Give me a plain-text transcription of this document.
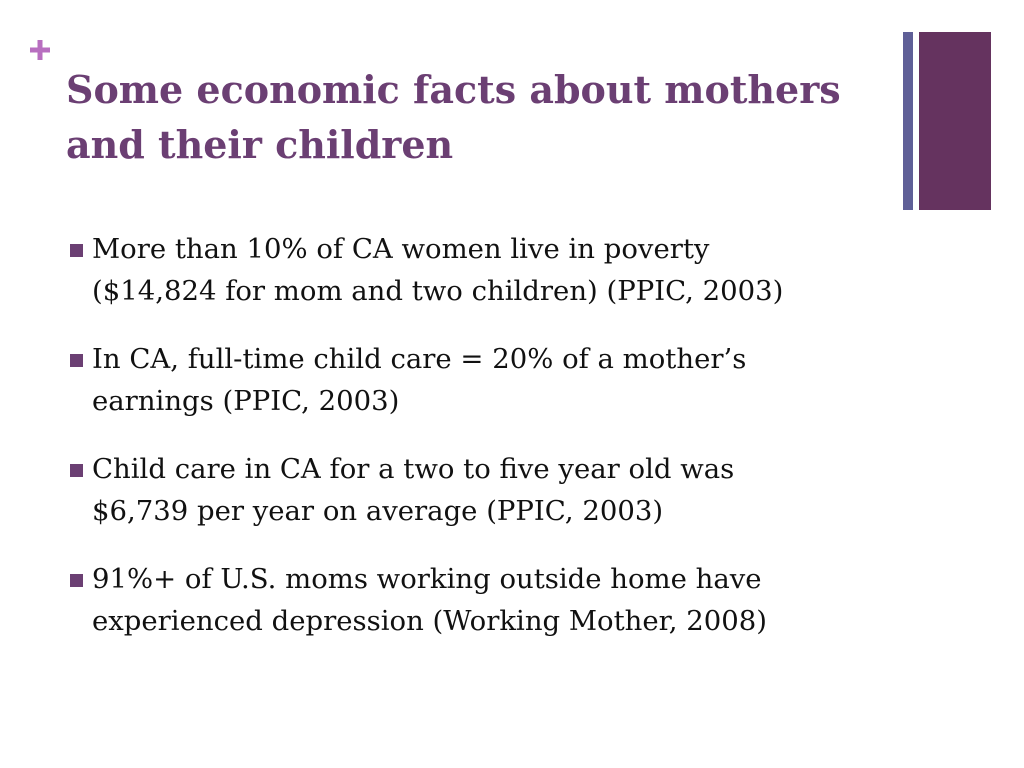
Some economic facts about mothers
and their children
More than 10% of CA women live in poverty
($14,824 for mom and two children) (PPIC, 2003)
In CA, full-time child care = 20% of a mother’s
earnings (PPIC, 2003)
Child care in CA for a two to five year old was
$6,739 per year on average (PPIC, 2003)
91%+ of U.S. moms working outside home have
experienced depression (Working Mother, 2008)
